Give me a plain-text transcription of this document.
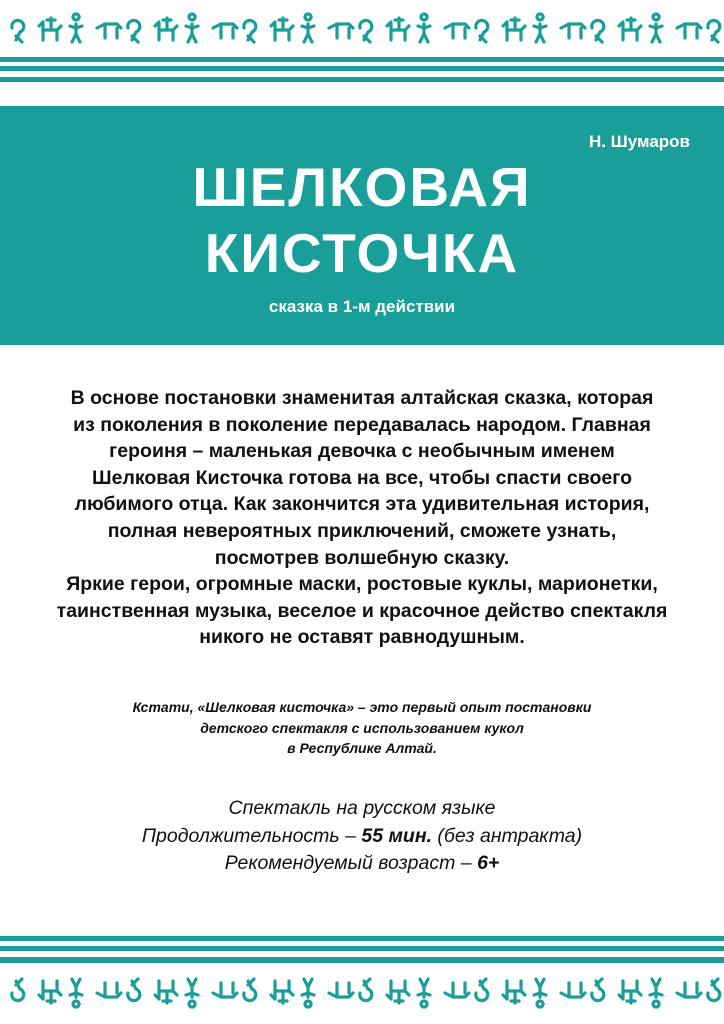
Н. Шумаров
ШЕЛКОВАЯ
КИСТОЧКА
сказка в 1-м действии
В основе постановки знаменитая алтайская сказка, которая
из поколения в поколение передавалась народом. Главная
героиня – маленькая девочка с необычным именем
Шелковая Кисточка готова на все, чтобы спасти своего
любимого отца. Как закончится эта удивительная история,
полная невероятных приключений, сможете узнать,
посмотрев волшебную сказку.
Яркие герои, огромные маски, ростовые куклы, марионетки,
таинственная музыка, веселое и красочное действо спектакля
никого не оставят равнодушным.
Кстати, «Шелковая кисточка» – это первый опыт постановки
детского спектакля с использованием кукол
в Республике Алтай.
Спектакль на русском языке
Продолжительность – 55 мин. (без антракта)
Рекомендуемый возраст – 6+
